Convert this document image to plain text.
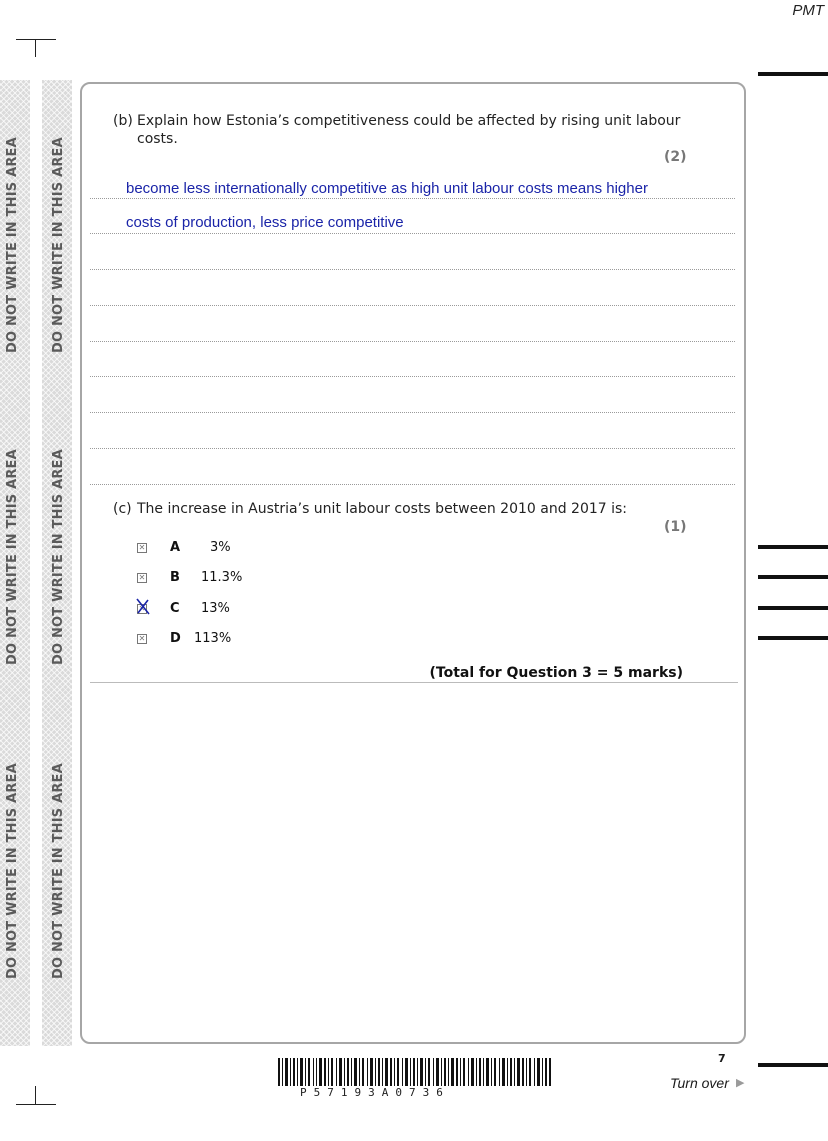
PMT
DO NOT WRITE IN THIS AREA
DO NOT WRITE IN THIS AREA
DO NOT WRITE IN THIS AREA
DO NOT WRITE IN THIS AREA
DO NOT WRITE IN THIS AREA
DO NOT WRITE IN THIS AREA
(b) Explain how Estonia’s competitiveness could be affected by rising unit labour
costs.
(2)
become less internationally competitive as high unit labour costs means higher
costs of production, less price competitive
(c) The increase in Austria’s unit labour costs between 2010 and 2017 is:
(1)
✕ A 3%
✕ B 11.3%
✕ C 13%
✕ D 113%
(Total for Question 3 = 5 marks)
7
P57193A0736
Turn over ▶
